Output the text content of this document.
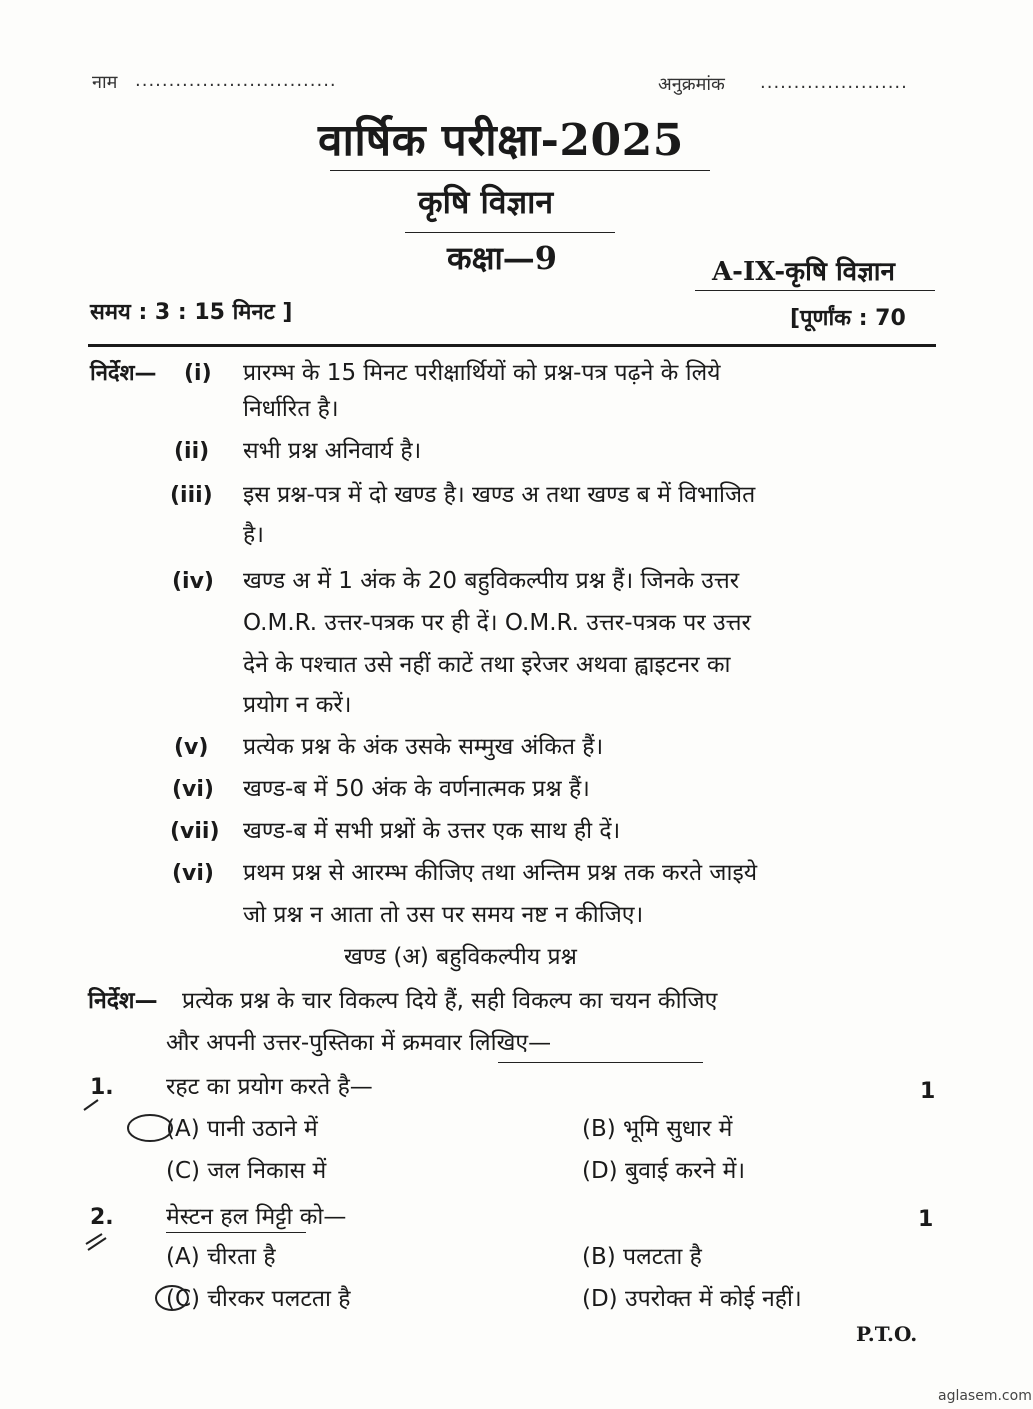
नाम ..............................	अनुक्रमांक ......................
वार्षिक परीक्षा-2025
कृषि विज्ञान
कक्षा—9	A-IX-कृषि विज्ञान
समय : 3 : 15 मिनट ]	[पूर्णांक : 70
निर्देश— (i) प्रारम्भ के 15 मिनट परीक्षार्थियों को प्रश्न-पत्र पढ़ने के लिये
निर्धारित है।
(ii) सभी प्रश्न अनिवार्य है।
(iii) इस प्रश्न-पत्र में दो खण्ड है। खण्ड अ तथा खण्ड ब में विभाजित
है।
(iv) खण्ड अ में 1 अंक के 20 बहुविकल्पीय प्रश्न हैं। जिनके उत्तर
O.M.R. उत्तर-पत्रक पर ही दें। O.M.R. उत्तर-पत्रक पर उत्तर
देने के पश्चात उसे नहीं काटें तथा इरेजर अथवा ह्वाइटनर का
प्रयोग न करें।
(v) प्रत्येक प्रश्न के अंक उसके सम्मुख अंकित हैं।
(vi) खण्ड-ब में 50 अंक के वर्णनात्मक प्रश्न हैं।
(vii) खण्ड-ब में सभी प्रश्नों के उत्तर एक साथ ही दें।
(vi) प्रथम प्रश्न से आरम्भ कीजिए तथा अन्तिम प्रश्न तक करते जाइये
जो प्रश्न न आता तो उस पर समय नष्ट न कीजिए।
खण्ड (अ) बहुविकल्पीय प्रश्न
निर्देश— प्रत्येक प्रश्न के चार विकल्प दिये हैं, सही विकल्प का चयन कीजिए
और अपनी उत्तर-पुस्तिका में क्रमवार लिखिए—
1. रहट का प्रयोग करते है—	1
(A) पानी उठाने में	(B) भूमि सुधार में
(C) जल निकास में	(D) बुवाई करने में।
2. मेस्टन हल मिट्टी को—	1
(A) चीरता है	(B) पलटता है
(C) चीरकर पलटता है	(D) उपरोक्त में कोई नहीं।
P.T.O.
aglasem.com
